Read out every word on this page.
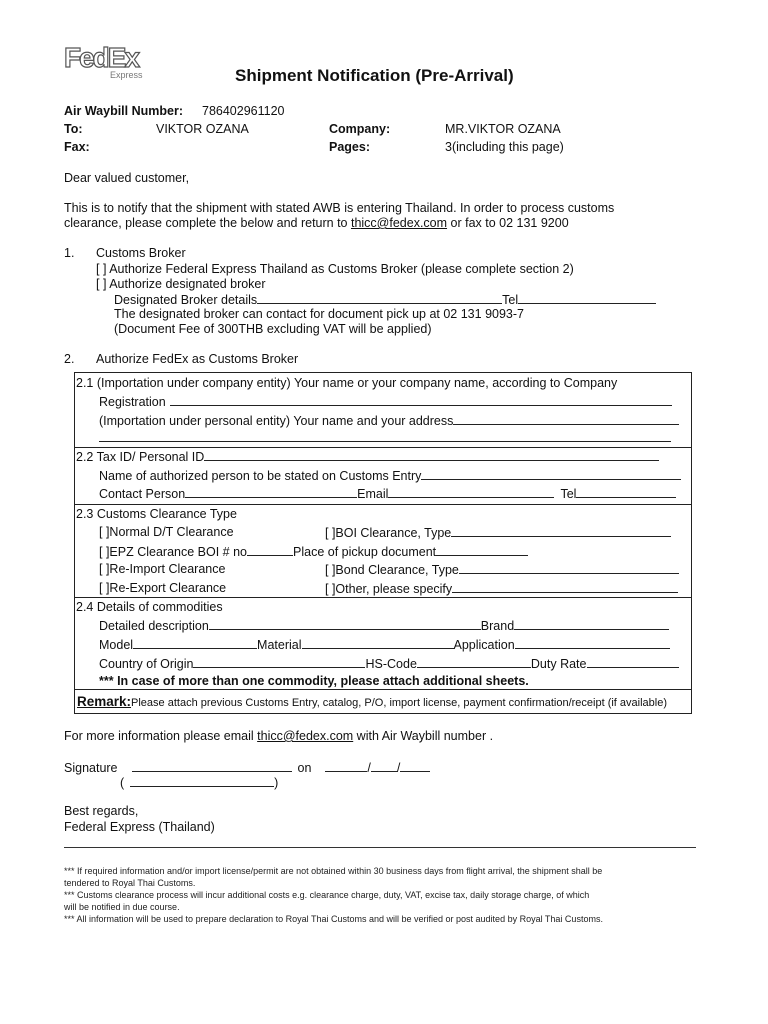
FedEx
Express	Shipment Notification (Pre-Arrival)
Air Waybill Number: 786402961120
To:	VIKTOR OZANA	Company:	MR.VIKTOR OZANA
Fax:	Pages:	3(including this page)
Dear valued customer,
This is to notify that the shipment with stated AWB is entering Thailand. In order to process customs
clearance, please complete the below and return to thicc@fedex.com or fax to 02 131 9200
1. Customs Broker
[ ] Authorize Federal Express Thailand as Customs Broker (please complete section 2)
[ ] Authorize designated broker
Designated Broker details	Tel
The designated broker can contact for document pick up at 02 131 9093-7
(Document Fee of 300THB excluding VAT will be applied)
2. Authorize FedEx as Customs Broker
2.1 (Importation under company entity) Your name or your company name, according to Company
Registration
(Importation under personal entity) Your name and your address
2.2 Tax ID/ Personal ID
Name of authorized person to be stated on Customs Entry
Contact Person	Email	Tel
2.3 Customs Clearance Type
[ ]Normal D/T Clearance	[ ]BOI Clearance, Type
[ ]EPZ Clearance BOI # no	Place of pickup document
[ ]Re-Import Clearance	[ ]Bond Clearance, Type
[ ]Re-Export Clearance	[ ]Other, please specify
2.4 Details of commodities
Detailed description	Brand
Model	Material	Application
Country of Origin	HS-Code	Duty Rate
*** In case of more than one commodity, please attach additional sheets.
Remark:Please attach previous Customs Entry, catalog, P/O, import license, payment confirmation/receipt (if available)
For more information please email thicc@fedex.com with Air Waybill number .
Signature	on	/ /
(	)
Best regards,
Federal Express (Thailand)
*** If required information and/or import license/permit are not obtained within 30 business days from flight arrival, the shipment shall be
tendered to Royal Thai Customs.
*** Customs clearance process will incur additional costs e.g. clearance charge, duty, VAT, excise tax, daily storage charge, of which
will be notified in due course.
*** All information will be used to prepare declaration to Royal Thai Customs and will be verified or post audited by Royal Thai Customs.
